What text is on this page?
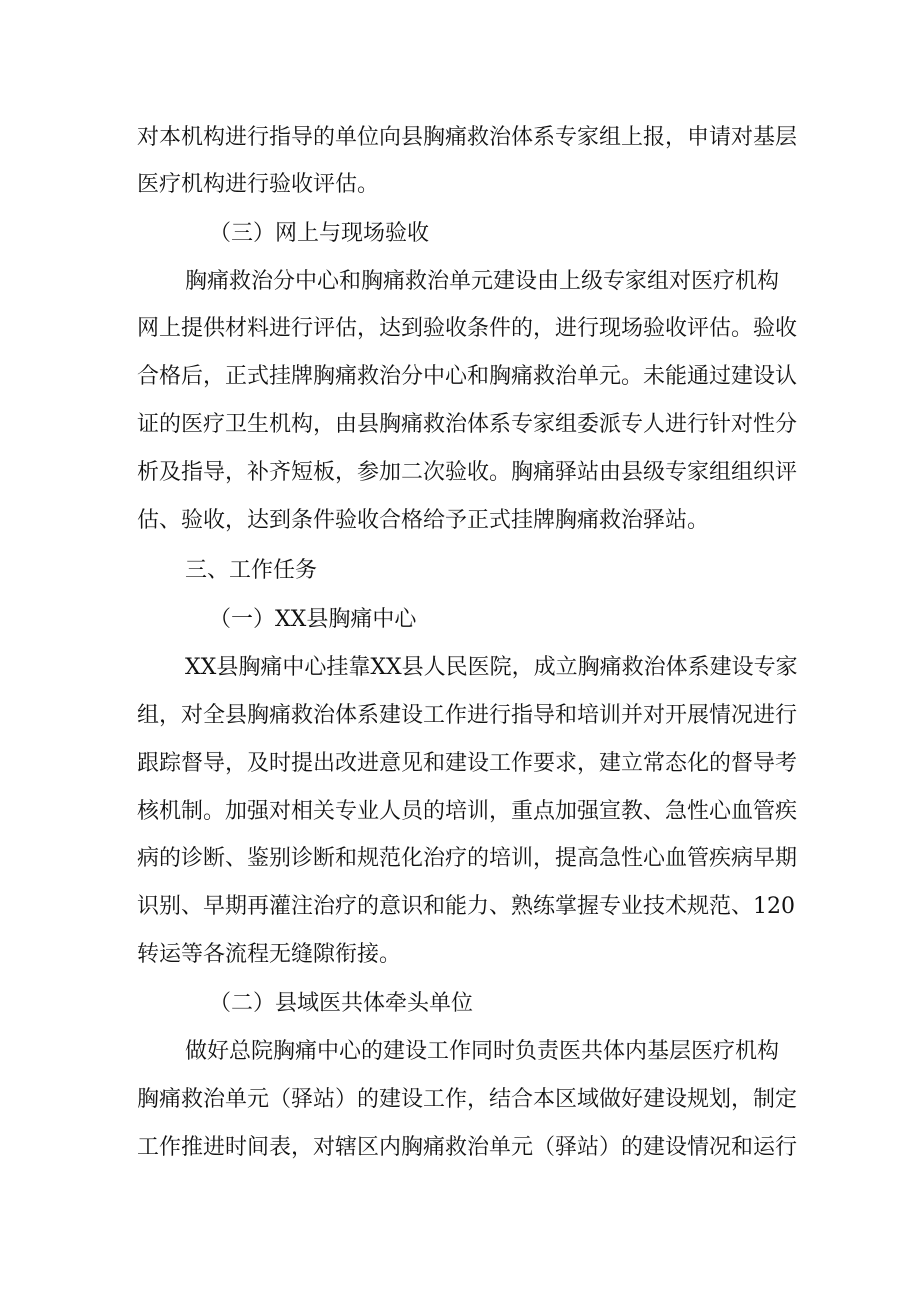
对本机构进行指导的单位向县胸痛救治体系专家组上报，申请对基层
医疗机构进行验收评估。
（三）网上与现场验收
胸痛救治分中心和胸痛救治单元建设由上级专家组对医疗机构
网上提供材料进行评估，达到验收条件的，进行现场验收评估。验收
合格后，正式挂牌胸痛救治分中心和胸痛救治单元。未能通过建设认
证的医疗卫生机构，由县胸痛救治体系专家组委派专人进行针对性分
析及指导，补齐短板，参加二次验收。胸痛驿站由县级专家组组织评
估、验收，达到条件验收合格给予正式挂牌胸痛救治驿站。
三、工作任务
（一）XX县胸痛中心
XX县胸痛中心挂靠XX县人民医院，成立胸痛救治体系建设专家
组，对全县胸痛救治体系建设工作进行指导和培训并对开展情况进行
跟踪督导，及时提出改进意见和建设工作要求，建立常态化的督导考
核机制。加强对相关专业人员的培训，重点加强宣教、急性心血管疾
病的诊断、鉴别诊断和规范化治疗的培训，提高急性心血管疾病早期
识别、早期再灌注治疗的意识和能力、熟练掌握专业技术规范、120
转运等各流程无缝隙衔接。
（二）县域医共体牵头单位
做好总院胸痛中心的建设工作同时负责医共体内基层医疗机构
胸痛救治单元（驿站）的建设工作，结合本区域做好建设规划，制定
工作推进时间表，对辖区内胸痛救治单元（驿站）的建设情况和运行
